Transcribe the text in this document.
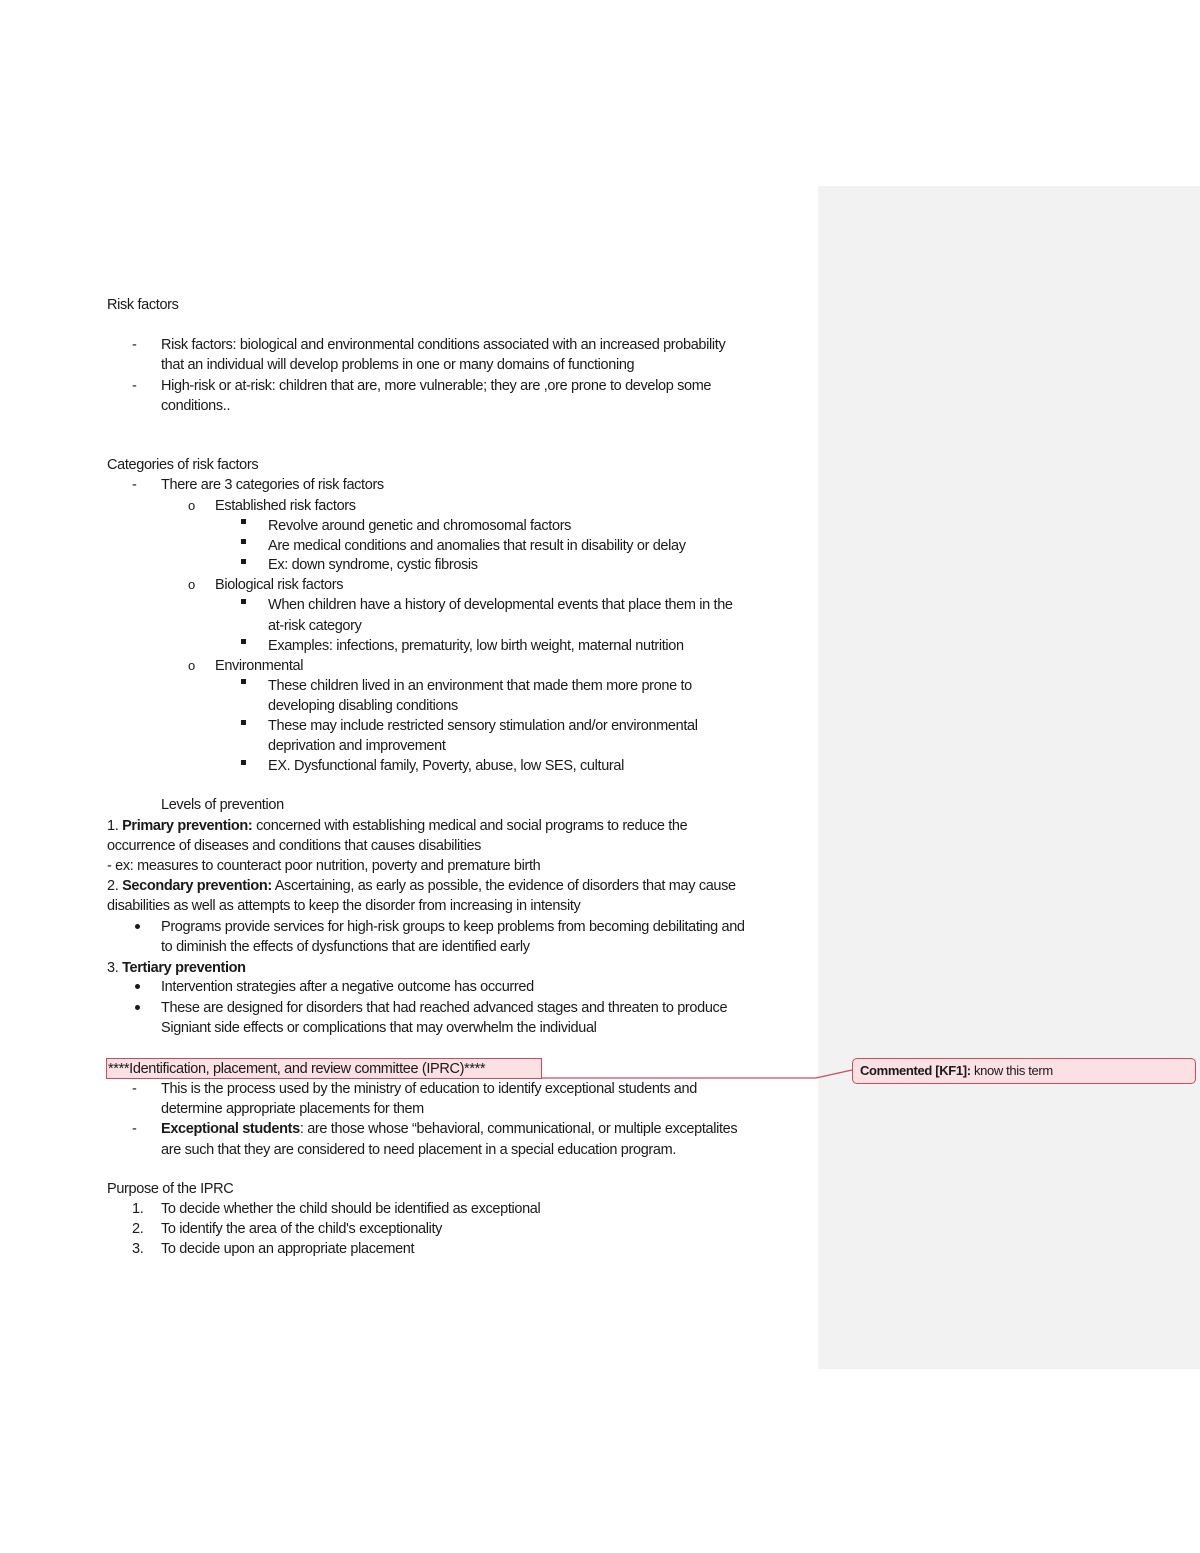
Risk factors
- Risk factors: biological and environmental conditions associated with an increased probability
that an individual will develop problems in one or many domains of functioning
- High-risk or at-risk: children that are, more vulnerable; they are ,ore prone to develop some
conditions..
Categories of risk factors
- There are 3 categories of risk factors
o Established risk factors
Revolve around genetic and chromosomal factors
Are medical conditions and anomalies that result in disability or delay
Ex: down syndrome, cystic fibrosis
o Biological risk factors
When children have a history of developmental events that place them in the
at-risk category
Examples: infections, prematurity, low birth weight, maternal nutrition
o Environmental
These children lived in an environment that made them more prone to
developing disabling conditions
These may include restricted sensory stimulation and/or environmental
deprivation and improvement
EX. Dysfunctional family, Poverty, abuse, low SES, cultural
Levels of prevention
1. Primary prevention: concerned with establishing medical and social programs to reduce the
occurrence of diseases and conditions that causes disabilities
- ex: measures to counteract poor nutrition, poverty and premature birth
2. Secondary prevention: Ascertaining, as early as possible, the evidence of disorders that may cause
disabilities as well as attempts to keep the disorder from increasing in intensity
Programs provide services for high-risk groups to keep problems from becoming debilitating and
to diminish the effects of dysfunctions that are identified early
3. Tertiary prevention
Intervention strategies after a negative outcome has occurred
These are designed for disorders that had reached advanced stages and threaten to produce
Signiant side effects or complications that may overwhelm the individual
****Identification, placement, and review committee (IPRC)****
- This is the process used by the ministry of education to identify exceptional students and
determine appropriate placements for them
- Exceptional students: are those whose “behavioral, communicational, or multiple exceptalites
are such that they are considered to need placement in a special education program.
Purpose of the IPRC
1. To decide whether the child should be identified as exceptional
2. To identify the area of the child's exceptionality
3. To decide upon an appropriate placement
Commented [KF1]: know this term
